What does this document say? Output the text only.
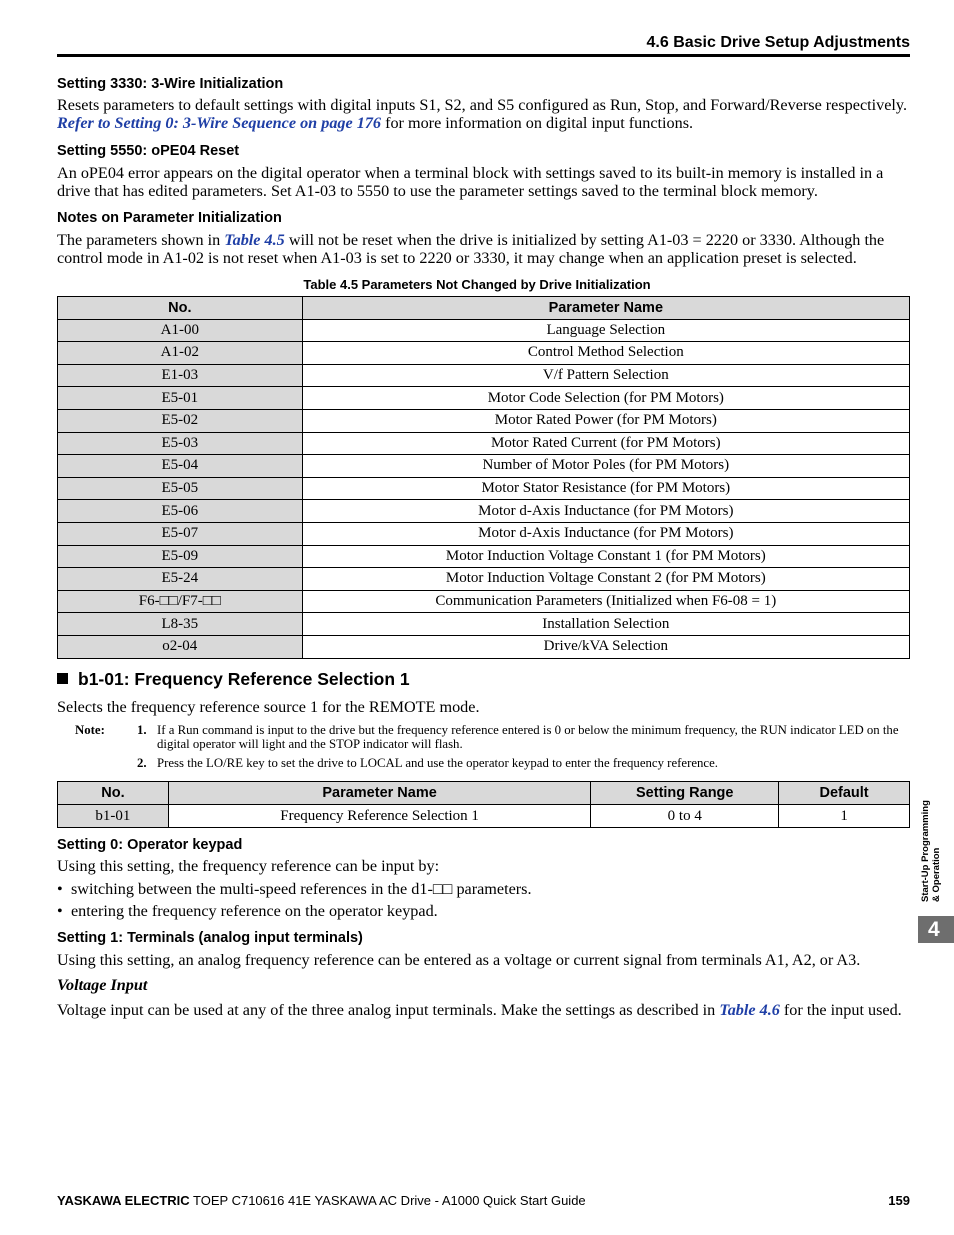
4.6 Basic Drive Setup Adjustments
Setting 3330: 3-Wire Initialization
Resets parameters to default settings with digital inputs S1, S2, and S5 configured as Run, Stop, and Forward/Reverse respectively. Refer to Setting 0: 3-Wire Sequence on page 176 for more information on digital input functions.
Setting 5550: oPE04 Reset
An oPE04 error appears on the digital operator when a terminal block with settings saved to its built-in memory is installed in a drive that has edited parameters. Set A1-03 to 5550 to use the parameter settings saved to the terminal block memory.
Notes on Parameter Initialization
The parameters shown in Table 4.5 will not be reset when the drive is initialized by setting A1-03 = 2220 or 3330. Although the control mode in A1-02 is not reset when A1-03 is set to 2220 or 3330, it may change when an application preset is selected.
Table 4.5 Parameters Not Changed by Drive Initialization
No.	Parameter Name
A1-00	Language Selection
A1-02	Control Method Selection
E1-03	V/f Pattern Selection
E5-01	Motor Code Selection (for PM Motors)
E5-02	Motor Rated Power (for PM Motors)
E5-03	Motor Rated Current (for PM Motors)
E5-04	Number of Motor Poles (for PM Motors)
E5-05	Motor Stator Resistance (for PM Motors)
E5-06	Motor d-Axis Inductance (for PM Motors)
E5-07	Motor d-Axis Inductance (for PM Motors)
E5-09	Motor Induction Voltage Constant 1 (for PM Motors)
E5-24	Motor Induction Voltage Constant 2 (for PM Motors)
F6-□□/F7-□□	Communication Parameters (Initialized when F6-08 = 1)
L8-35	Installation Selection
o2-04	Drive/kVA Selection
b1-01: Frequency Reference Selection 1
Selects the frequency reference source 1 for the REMOTE mode.
Note:	1. If a Run command is input to the drive but the frequency reference entered is 0 or below the minimum frequency, the RUN indicator LED on the digital operator will light and the STOP indicator will flash.
2. Press the LO/RE key to set the drive to LOCAL and use the operator keypad to enter the frequency reference.
No.	Parameter Name	Setting Range	Default
b1-01	Frequency Reference Selection 1	0 to 4	1
Setting 0: Operator keypad
Using this setting, the frequency reference can be input by:
• switching between the multi-speed references in the d1-□□ parameters.
• entering the frequency reference on the operator keypad.
Setting 1: Terminals (analog input terminals)
Using this setting, an analog frequency reference can be entered as a voltage or current signal from terminals A1, A2, or A3.
Voltage Input
Voltage input can be used at any of the three analog input terminals. Make the settings as described in Table 4.6 for the input used.
Start-Up Programming & Operation
4
YASKAWA ELECTRIC TOEP C710616 41E YASKAWA AC Drive - A1000 Quick Start Guide	159
